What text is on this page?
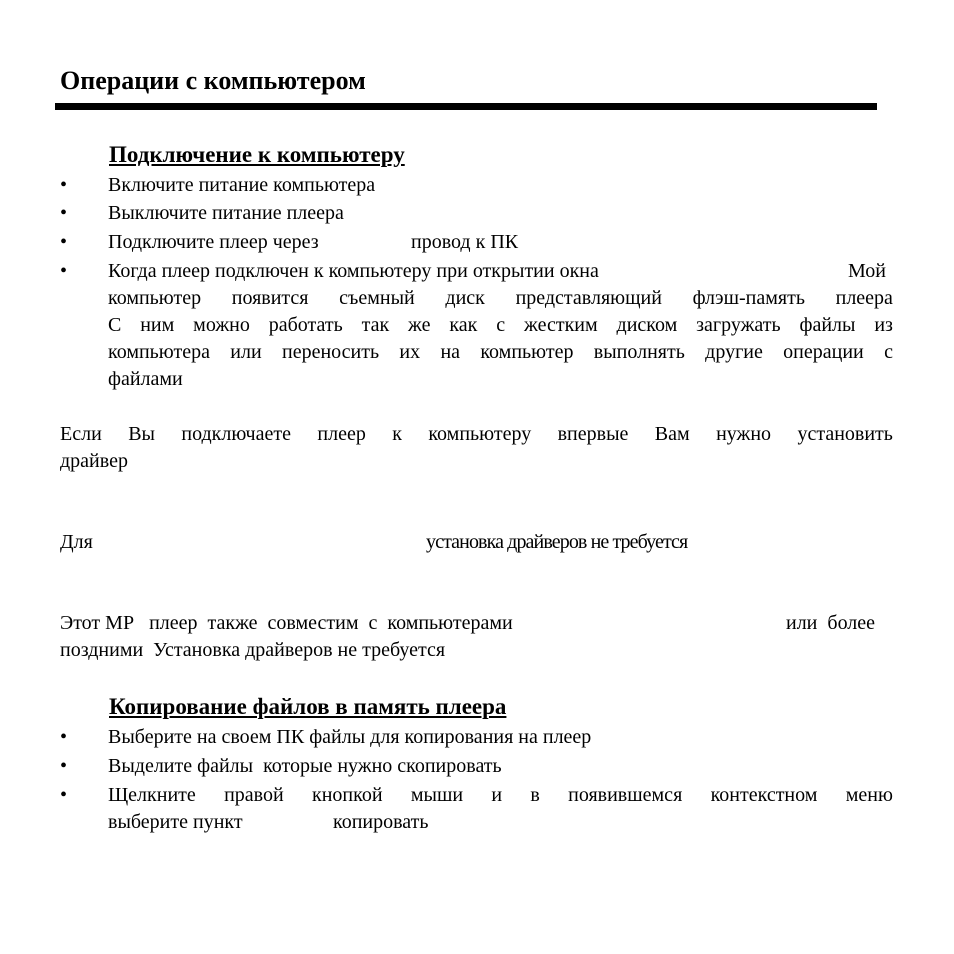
Операции с компьютером
Подключение к компьютеру
• Включите питание компьютера
• Выключите питание плеера
• Подключите плеер через	провод к ПК
• Когда плеер подключен к компьютеру при открытии окна	Мой
компьютер появится съемный диск представляющий флэш-память плеера
С ним можно работать так же как с жестким диском загружать файлы из
компьютера или переносить их на компьютер выполнять другие операции с
файлами
Если Вы подключаете плеер к компьютеру впервые Вам нужно установить
драйвер
Для	установка драйверов не требуется
Этот МР   плеер  также  совместим  с  компьютерами	или  более
поздними  Установка драйверов не требуется
Копирование файлов в память плеера
• Выберите на своем ПК файлы для копирования на плеер
• Выделите файлы  которые нужно скопировать
• Щелкните правой кнопкой мыши и в появившемся контекстном меню
выберите пункт	копировать
